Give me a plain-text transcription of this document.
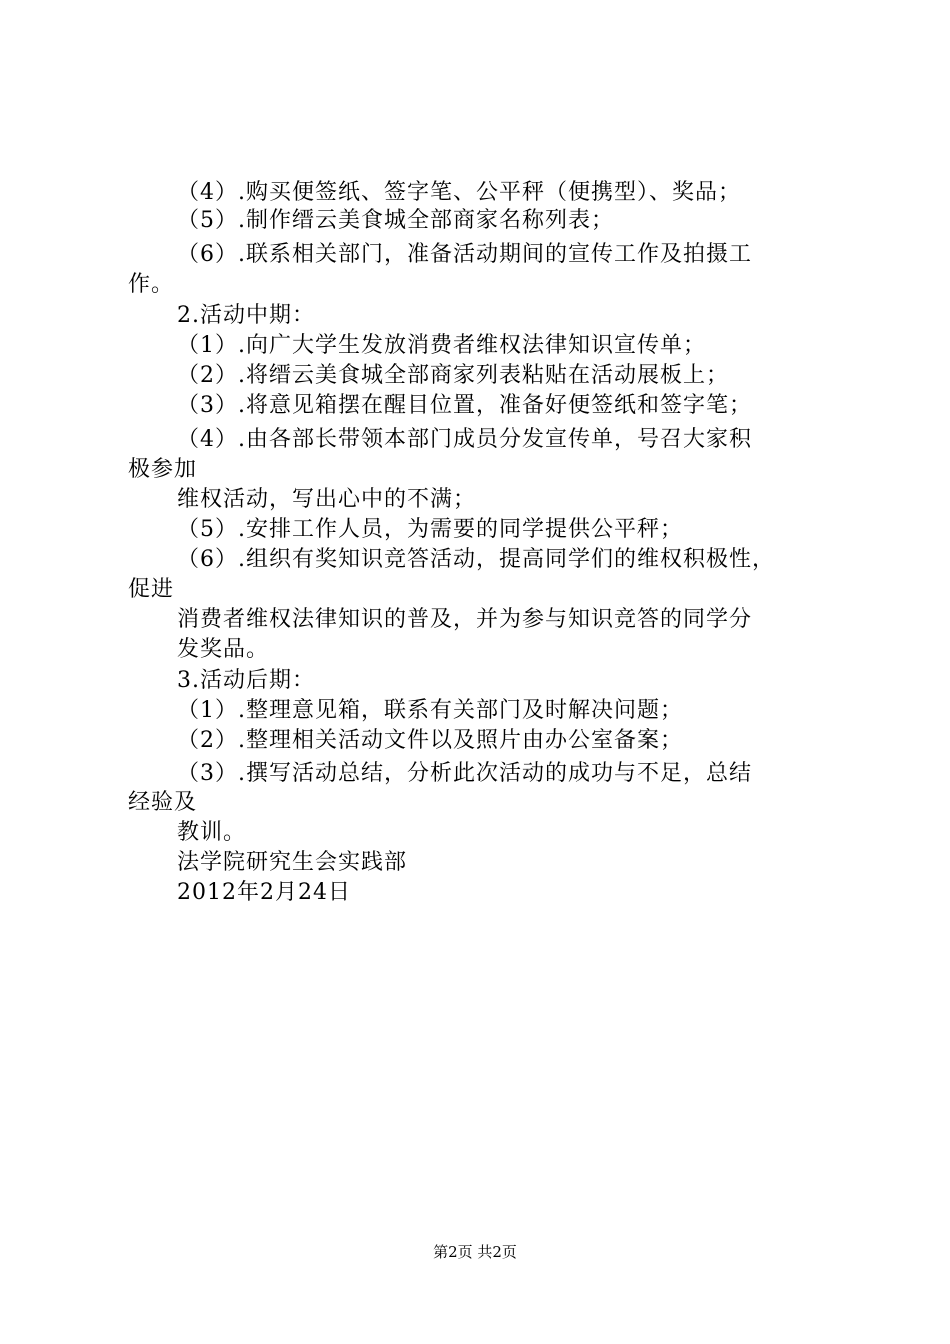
（4）.购买便签纸、签字笔、公平秤（便携型）、奖品；
（5）.制作缙云美食城全部商家名称列表；
（6）.联系相关部门，准备活动期间的宣传工作及拍摄工
作。
2.活动中期：
（1）.向广大学生发放消费者维权法律知识宣传单；
（2）.将缙云美食城全部商家列表粘贴在活动展板上；
（3）.将意见箱摆在醒目位置，准备好便签纸和签字笔；
（4）.由各部长带领本部门成员分发宣传单，号召大家积
极参加
维权活动，写出心中的不满；
（5）.安排工作人员，为需要的同学提供公平秤；
（6）.组织有奖知识竞答活动，提高同学们的维权积极性，
促进
消费者维权法律知识的普及，并为参与知识竞答的同学分
发奖品。
3.活动后期：
（1）.整理意见箱，联系有关部门及时解决问题；
（2）.整理相关活动文件以及照片由办公室备案；
（3）.撰写活动总结，分析此次活动的成功与不足，总结
经验及
教训。
法学院研究生会实践部
2012年2月24日
第2页 共2页
